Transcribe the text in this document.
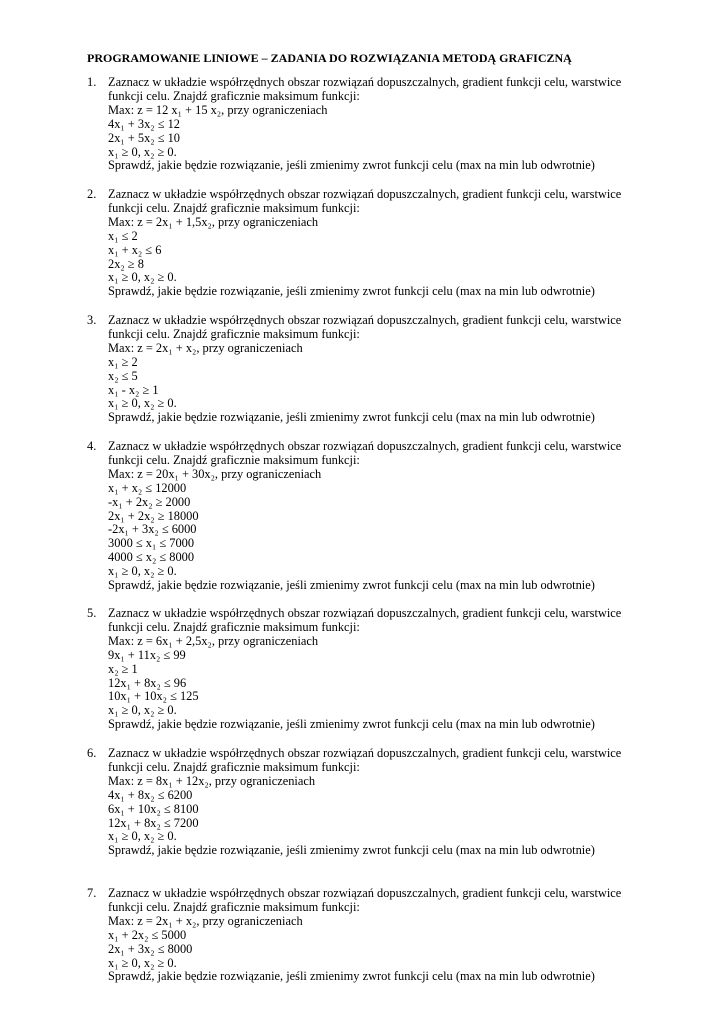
PROGRAMOWANIE LINIOWE – ZADANIA DO ROZWIĄZANIA METODĄ GRAFICZNĄ
1. Zaznacz w układzie współrzędnych obszar rozwiązań dopuszczalnych, gradient funkcji celu, warstwice
funkcji celu. Znajdź graficznie maksimum funkcji:
Max: z = 12 x₁ + 15 x₂, przy ograniczeniach
4x₁ + 3x₂ ≤ 12
2x₁ + 5x₂ ≤ 10
x₁ ≥ 0, x₂ ≥ 0.
Sprawdź, jakie będzie rozwiązanie, jeśli zmienimy zwrot funkcji celu (max na min lub odwrotnie)
2. Zaznacz w układzie współrzędnych obszar rozwiązań dopuszczalnych, gradient funkcji celu, warstwice
funkcji celu. Znajdź graficznie maksimum funkcji:
Max: z = 2x₁ + 1,5x₂, przy ograniczeniach
x₁ ≤ 2
x₁ + x₂ ≤ 6
2x₂ ≥ 8
x₁ ≥ 0, x₂ ≥ 0.
Sprawdź, jakie będzie rozwiązanie, jeśli zmienimy zwrot funkcji celu (max na min lub odwrotnie)
3. Zaznacz w układzie współrzędnych obszar rozwiązań dopuszczalnych, gradient funkcji celu, warstwice
funkcji celu. Znajdź graficznie maksimum funkcji:
Max: z = 2x₁ + x₂, przy ograniczeniach
x₁ ≥ 2
x₂ ≤ 5
x₁ - x₂ ≥ 1
x₁ ≥ 0, x₂ ≥ 0.
Sprawdź, jakie będzie rozwiązanie, jeśli zmienimy zwrot funkcji celu (max na min lub odwrotnie)
4. Zaznacz w układzie współrzędnych obszar rozwiązań dopuszczalnych, gradient funkcji celu, warstwice
funkcji celu. Znajdź graficznie maksimum funkcji:
Max: z = 20x₁ + 30x₂, przy ograniczeniach
x₁ + x₂ ≤ 12000
-x₁ + 2x₂ ≥ 2000
2x₁ + 2x₂ ≥ 18000
-2x₁ + 3x₂ ≤ 6000
3000 ≤ x₁ ≤ 7000
4000 ≤ x₂ ≤ 8000
x₁ ≥ 0, x₂ ≥ 0.
Sprawdź, jakie będzie rozwiązanie, jeśli zmienimy zwrot funkcji celu (max na min lub odwrotnie)
5. Zaznacz w układzie współrzędnych obszar rozwiązań dopuszczalnych, gradient funkcji celu, warstwice
funkcji celu. Znajdź graficznie maksimum funkcji:
Max: z = 6x₁ + 2,5x₂, przy ograniczeniach
9x₁ + 11x₂ ≤ 99
x₂ ≥ 1
12x₁ + 8x₂ ≤ 96
10x₁ + 10x₂ ≤ 125
x₁ ≥ 0, x₂ ≥ 0.
Sprawdź, jakie będzie rozwiązanie, jeśli zmienimy zwrot funkcji celu (max na min lub odwrotnie)
6. Zaznacz w układzie współrzędnych obszar rozwiązań dopuszczalnych, gradient funkcji celu, warstwice
funkcji celu. Znajdź graficznie maksimum funkcji:
Max: z = 8x₁ + 12x₂, przy ograniczeniach
4x₁ + 8x₂ ≤ 6200
6x₁ + 10x₂ ≤ 8100
12x₁ + 8x₂ ≤ 7200
x₁ ≥ 0, x₂ ≥ 0.
Sprawdź, jakie będzie rozwiązanie, jeśli zmienimy zwrot funkcji celu (max na min lub odwrotnie)
7. Zaznacz w układzie współrzędnych obszar rozwiązań dopuszczalnych, gradient funkcji celu, warstwice
funkcji celu. Znajdź graficznie maksimum funkcji:
Max: z = 2x₁ + x₂, przy ograniczeniach
x₁ + 2x₂ ≤ 5000
2x₁ + 3x₂ ≤ 8000
x₁ ≥ 0, x₂ ≥ 0.
Sprawdź, jakie będzie rozwiązanie, jeśli zmienimy zwrot funkcji celu (max na min lub odwrotnie)
